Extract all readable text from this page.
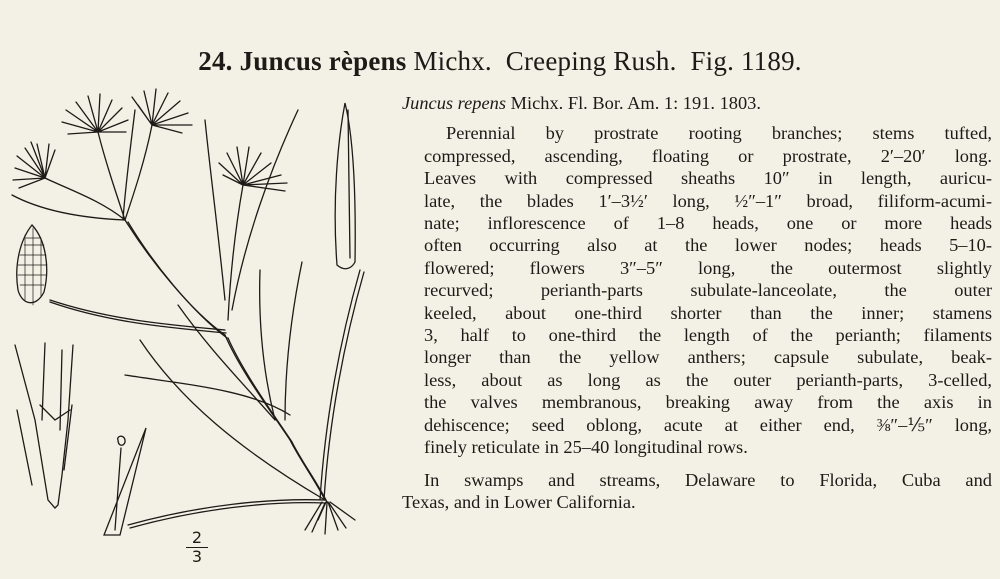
24. Juncus rèpens Michx. Creeping Rush. Fig. 1189.
2
3

Juncus repens Michx. Fl. Bor. Am. 1: 191. 1803.

Perennial by prostrate rooting branches; stems tufted,
compressed, ascending, floating or prostrate, 2′–20′ long.
Leaves with compressed sheaths 10″ in length, auricu-
late, the blades 1′–3½′ long, ½″–1″ broad, filiform-acumi-
nate; inflorescence of 1–8 heads, one or more heads
often occurring also at the lower nodes; heads 5–10-
flowered; flowers 3″–5″ long, the outermost slightly
recurved; perianth-parts subulate-lanceolate, the outer
keeled, about one-third shorter than the inner; stamens
3, half to one-third the length of the perianth; filaments
longer than the yellow anthers; capsule subulate, beak-
less, about as long as the outer perianth-parts, 3-celled,
the valves membranous, breaking away from the axis in
dehiscence; seed oblong, acute at either end, ⅜″–⅕″ long,
finely reticulate in 25–40 longitudinal rows.

In swamps and streams, Delaware to Florida, Cuba and
Texas, and in Lower California.
